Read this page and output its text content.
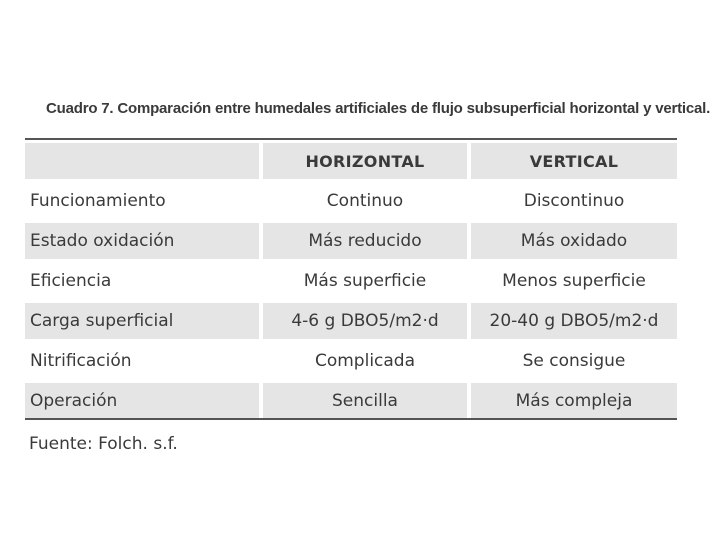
Cuadro 7. Comparación entre humedales artificiales de flujo subsuperficial horizontal y vertical.
	HORIZONTAL	VERTICAL
Funcionamiento	Continuo	Discontinuo
Estado oxidación	Más reducido	Más oxidado
Eficiencia	Más superficie	Menos superficie
Carga superficial	4-6 g DBO5/m2·d	20-40 g DBO5/m2·d
Nitrificación	Complicada	Se consigue
Operación	Sencilla	Más compleja
Fuente: Folch. s.f.
